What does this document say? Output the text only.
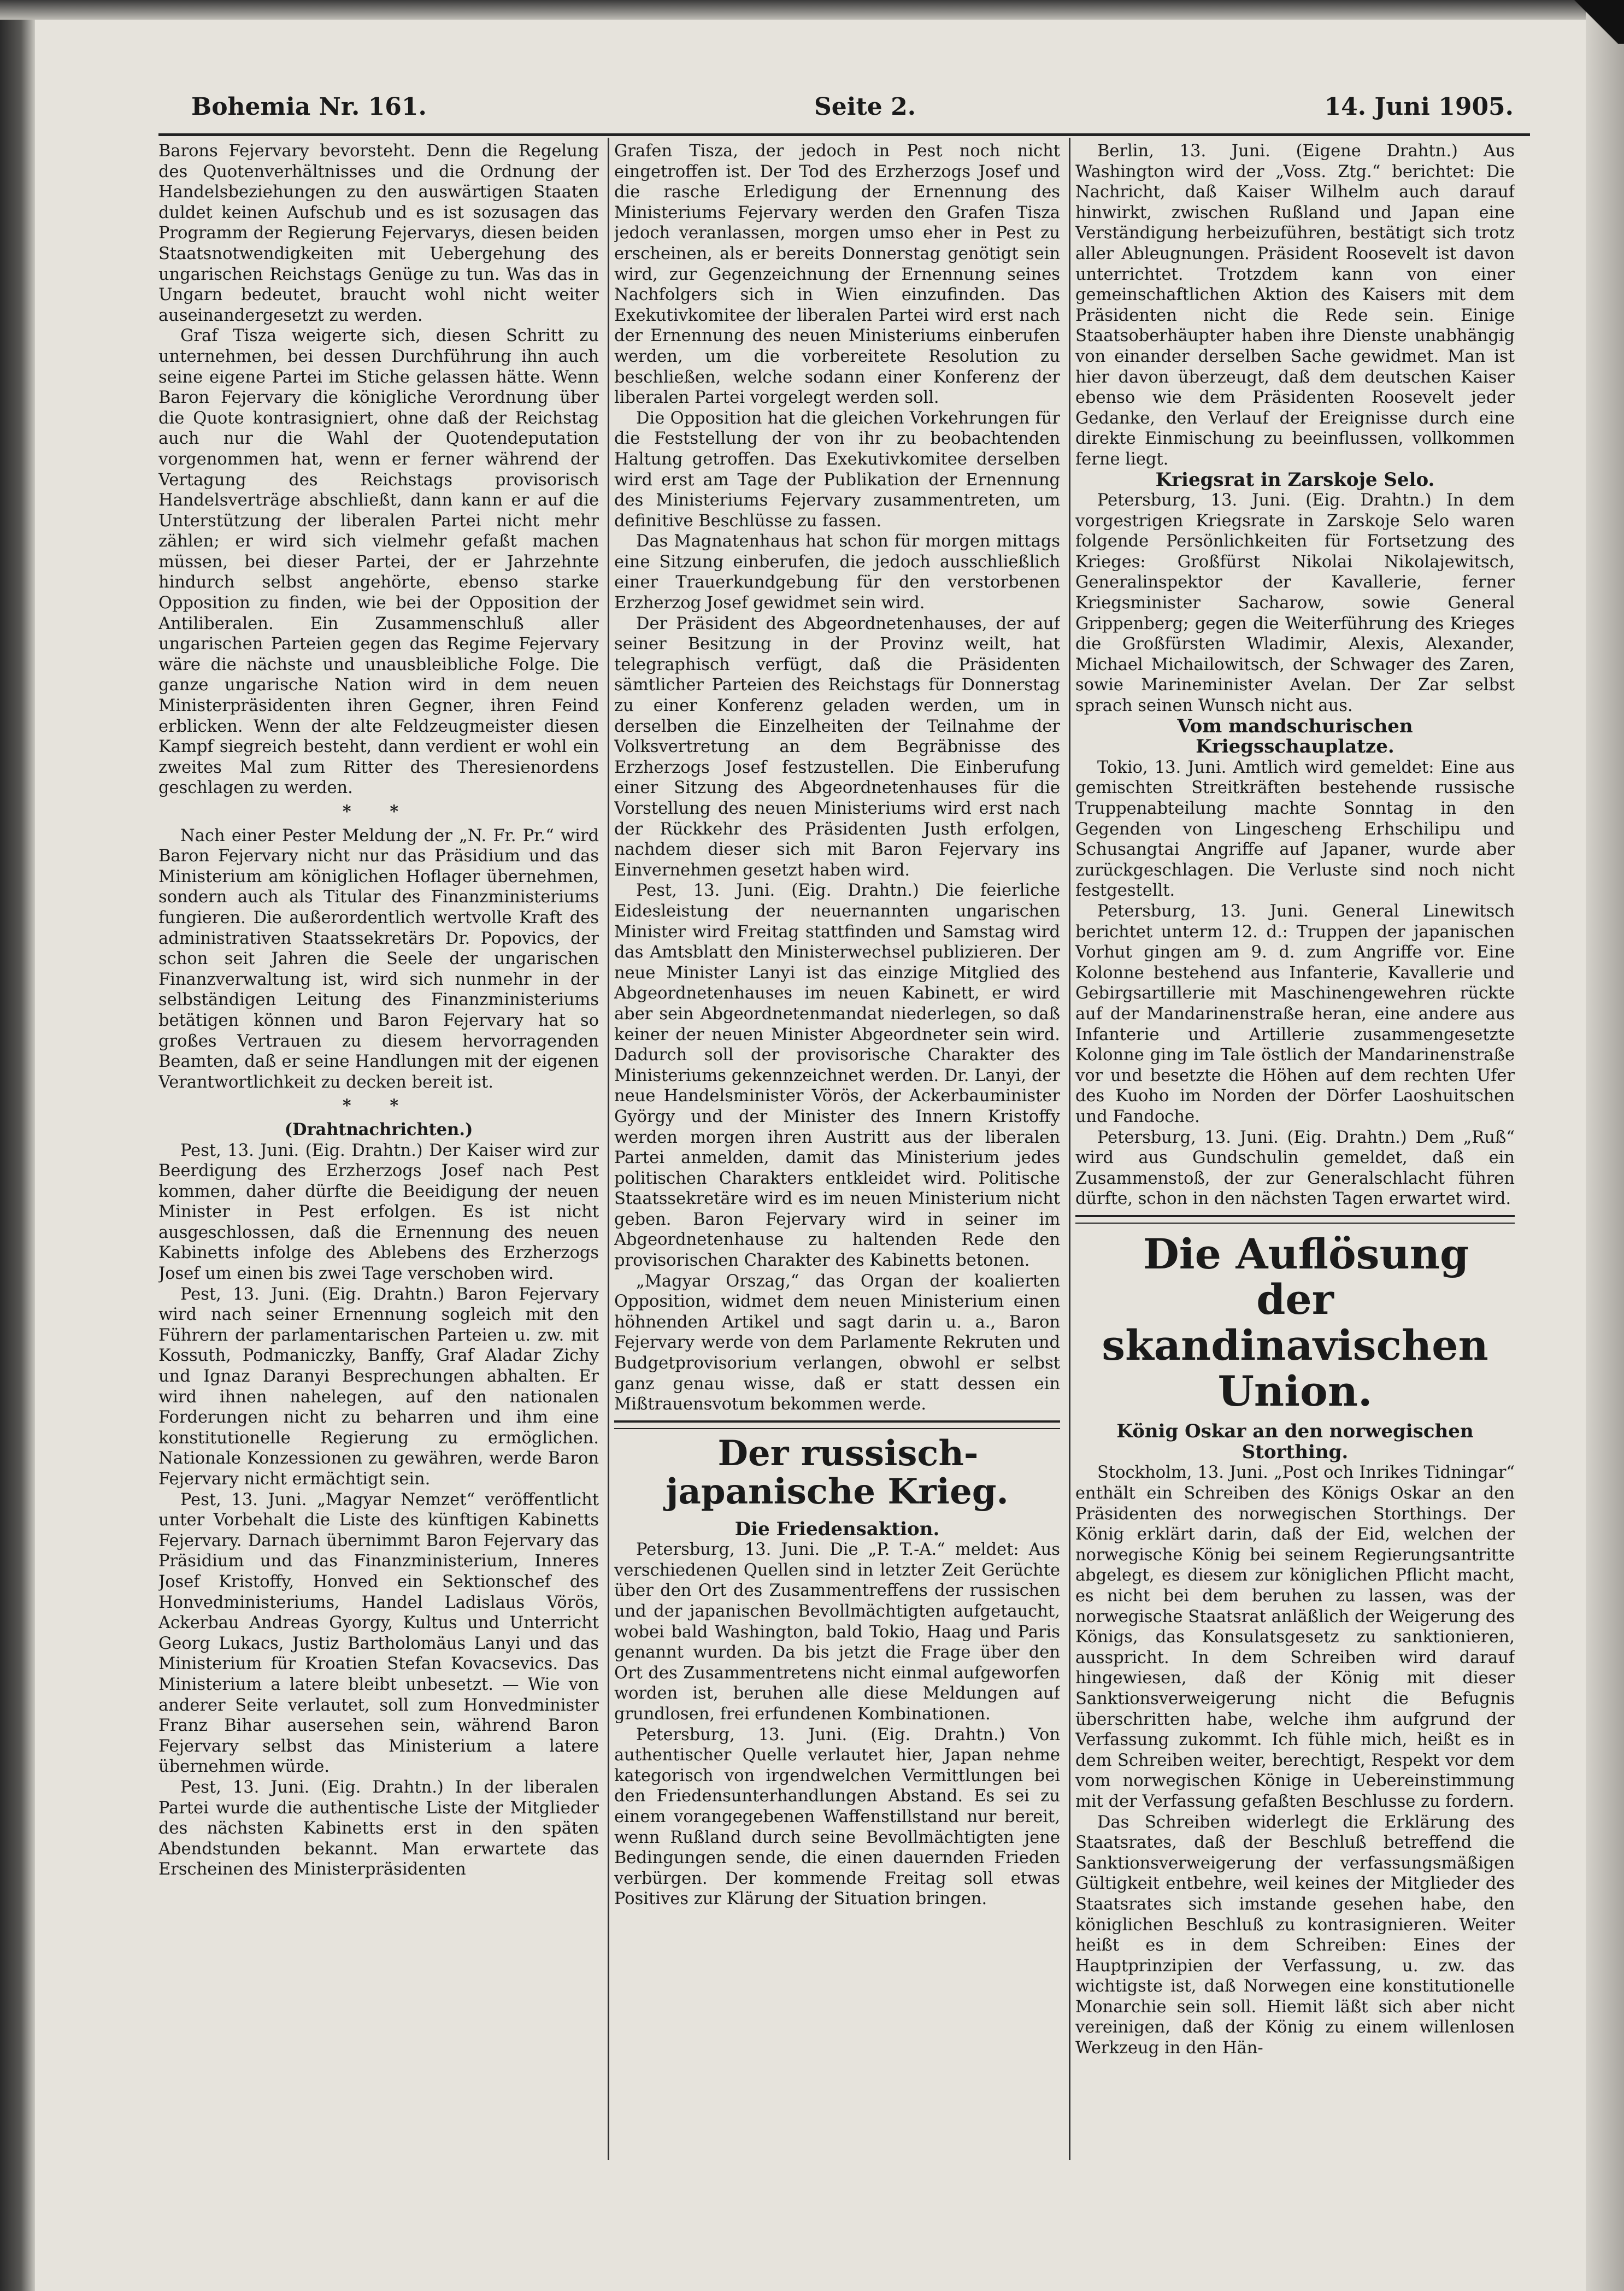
Bohemia Nr. 161.	Seite 2.	14. Juni 1905.

Barons Fejervary bevorsteht. Denn die Regelung des Quotenverhältnisses und die Ordnung der Handelsbeziehungen zu den auswärtigen Staaten duldet keinen Aufschub und es ist sozusagen das Programm der Regierung Fejervarys, diesen beiden Staatsnotwendigkeiten mit Uebergehung des ungarischen Reichstags Genüge zu tun. Was das in Ungarn bedeutet, braucht wohl nicht weiter auseinandergesetzt zu werden.

Graf Tisza weigerte sich, diesen Schritt zu unternehmen, bei dessen Durchführung ihn auch seine eigene Partei im Stiche gelassen hätte. Wenn Baron Fejervary die königliche Verordnung über die Quote kontrasigniert, ohne daß der Reichstag auch nur die Wahl der Quotendeputation vorgenommen hat, wenn er ferner während der Vertagung des Reichstags provisorisch Handelsverträge abschließt, dann kann er auf die Unterstützung der liberalen Partei nicht mehr zählen; er wird sich vielmehr gefaßt machen müssen, bei dieser Partei, der er Jahrzehnte hindurch selbst angehörte, ebenso starke Opposition zu finden, wie bei der Opposition der Antiliberalen. Ein Zusammenschluß aller ungarischen Parteien gegen das Regime Fejervary wäre die nächste und unausbleibliche Folge. Die ganze ungarische Nation wird in dem neuen Ministerpräsidenten ihren Gegner, ihren Feind erblicken. Wenn der alte Feldzeugmeister diesen Kampf siegreich besteht, dann verdient er wohl ein zweites Mal zum Ritter des Theresienordens geschlagen zu werden.

* *

Nach einer Pester Meldung der „N. Fr. Pr.“ wird Baron Fejervary nicht nur das Präsidium und das Ministerium am königlichen Hoflager übernehmen, sondern auch als Titular des Finanzministeriums fungieren. Die außerordentlich wertvolle Kraft des administrativen Staatssekretärs Dr. Popovics, der schon seit Jahren die Seele der ungarischen Finanzverwaltung ist, wird sich nunmehr in der selbständigen Leitung des Finanzministeriums betätigen können und Baron Fejervary hat so großes Vertrauen zu diesem hervorragenden Beamten, daß er seine Handlungen mit der eigenen Verantwortlichkeit zu decken bereit ist.

* *

(Drahtnachrichten.)

Pest, 13. Juni. (Eig. Drahtn.) Der Kaiser wird zur Beerdigung des Erzherzogs Josef nach Pest kommen, daher dürfte die Beeidigung der neuen Minister in Pest erfolgen. Es ist nicht ausgeschlossen, daß die Ernennung des neuen Kabinetts infolge des Ablebens des Erzherzogs Josef um einen bis zwei Tage verschoben wird.

Pest, 13. Juni. (Eig. Drahtn.) Baron Fejervary wird nach seiner Ernennung sogleich mit den Führern der parlamentarischen Parteien u. zw. mit Kossuth, Podmaniczky, Banffy, Graf Aladar Zichy und Ignaz Daranyi Besprechungen abhalten. Er wird ihnen nahelegen, auf den nationalen Forderungen nicht zu beharren und ihm eine konstitutionelle Regierung zu ermöglichen. Nationale Konzessionen zu gewähren, werde Baron Fejervary nicht ermächtigt sein.

Pest, 13. Juni. „Magyar Nemzet“ veröffentlicht unter Vorbehalt die Liste des künftigen Kabinetts Fejervary. Darnach übernimmt Baron Fejervary das Präsidium und das Finanzministerium, Inneres Josef Kristoffy, Honved ein Sektionschef des Honvedministeriums, Handel Ladislaus Vörös, Ackerbau Andreas Gyorgy, Kultus und Unterricht Georg Lukacs, Justiz Bartholomäus Lanyi und das Ministerium für Kroatien Stefan Kovacsevics. Das Ministerium a latere bleibt unbesetzt. — Wie von anderer Seite verlautet, soll zum Honvedminister Franz Bihar ausersehen sein, während Baron Fejervary selbst das Ministerium a latere übernehmen würde.

Pest, 13. Juni. (Eig. Drahtn.) In der liberalen Partei wurde die authentische Liste der Mitglieder des nächsten Kabinetts erst in den späten Abendstunden bekannt. Man erwartete das Erscheinen des Ministerpräsidenten

Grafen Tisza, der jedoch in Pest noch nicht eingetroffen ist. Der Tod des Erzherzogs Josef und die rasche Erledigung der Ernennung des Ministeriums Fejervary werden den Grafen Tisza jedoch veranlassen, morgen umso eher in Pest zu erscheinen, als er bereits Donnerstag genötigt sein wird, zur Gegenzeichnung der Ernennung seines Nachfolgers sich in Wien einzufinden. Das Exekutivkomitee der liberalen Partei wird erst nach der Ernennung des neuen Ministeriums einberufen werden, um die vorbereitete Resolution zu beschließen, welche sodann einer Konferenz der liberalen Partei vorgelegt werden soll.

Die Opposition hat die gleichen Vorkehrungen für die Feststellung der von ihr zu beobachtenden Haltung getroffen. Das Exekutivkomitee derselben wird erst am Tage der Publikation der Ernennung des Ministeriums Fejervary zusammentreten, um definitive Beschlüsse zu fassen.

Das Magnatenhaus hat schon für morgen mittags eine Sitzung einberufen, die jedoch ausschließlich einer Trauerkundgebung für den verstorbenen Erzherzog Josef gewidmet sein wird.

Der Präsident des Abgeordnetenhauses, der auf seiner Besitzung in der Provinz weilt, hat telegraphisch verfügt, daß die Präsidenten sämtlicher Parteien des Reichstags für Donnerstag zu einer Konferenz geladen werden, um in derselben die Einzelheiten der Teilnahme der Volksvertretung an dem Begräbnisse des Erzherzogs Josef festzustellen. Die Einberufung einer Sitzung des Abgeordnetenhauses für die Vorstellung des neuen Ministeriums wird erst nach der Rückkehr des Präsidenten Justh erfolgen, nachdem dieser sich mit Baron Fejervary ins Einvernehmen gesetzt haben wird.

Pest, 13. Juni. (Eig. Drahtn.) Die feierliche Eidesleistung der neuernannten ungarischen Minister wird Freitag stattfinden und Samstag wird das Amtsblatt den Ministerwechsel publizieren. Der neue Minister Lanyi ist das einzige Mitglied des Abgeordnetenhauses im neuen Kabinett, er wird aber sein Abgeordnetenmandat niederlegen, so daß keiner der neuen Minister Abgeordneter sein wird. Dadurch soll der provisorische Charakter des Ministeriums gekennzeichnet werden. Dr. Lanyi, der neue Handelsminister Vörös, der Ackerbauminister György und der Minister des Innern Kristoffy werden morgen ihren Austritt aus der liberalen Partei anmelden, damit das Ministerium jedes politischen Charakters entkleidet wird. Politische Staatssekretäre wird es im neuen Ministerium nicht geben. Baron Fejervary wird in seiner im Abgeordnetenhause zu haltenden Rede den provisorischen Charakter des Kabinetts betonen.

„Magyar Orszag,“ das Organ der koalierten Opposition, widmet dem neuen Ministerium einen höhnenden Artikel und sagt darin u. a., Baron Fejervary werde von dem Parlamente Rekruten und Budgetprovisorium verlangen, obwohl er selbst ganz genau wisse, daß er statt dessen ein Mißtrauensvotum bekommen werde.

Der russisch-japanische Krieg.

Die Friedensaktion.

Petersburg, 13. Juni. Die „P. T.-A.“ meldet: Aus verschiedenen Quellen sind in letzter Zeit Gerüchte über den Ort des Zusammentreffens der russischen und der japanischen Bevollmächtigten aufgetaucht, wobei bald Washington, bald Tokio, Haag und Paris genannt wurden. Da bis jetzt die Frage über den Ort des Zusammentretens nicht einmal aufgeworfen worden ist, beruhen alle diese Meldungen auf grundlosen, frei erfundenen Kombinationen.

Petersburg, 13. Juni. (Eig. Drahtn.) Von authentischer Quelle verlautet hier, Japan nehme kategorisch von irgendwelchen Vermittlungen bei den Friedensunterhandlungen Abstand. Es sei zu einem vorangegebenen Waffenstillstand nur bereit, wenn Rußland durch seine Bevollmächtigten jene Bedingungen sende, die einen dauernden Frieden verbürgen. Der kommende Freitag soll etwas Positives zur Klärung der Situation bringen.

Berlin, 13. Juni. (Eigene Drahtn.) Aus Washington wird der „Voss. Ztg.“ berichtet: Die Nachricht, daß Kaiser Wilhelm auch darauf hinwirkt, zwischen Rußland und Japan eine Verständigung herbeizuführen, bestätigt sich trotz aller Ableugnungen. Präsident Roosevelt ist davon unterrichtet. Trotzdem kann von einer gemeinschaftlichen Aktion des Kaisers mit dem Präsidenten nicht die Rede sein. Einige Staatsoberhäupter haben ihre Dienste unabhängig von einander derselben Sache gewidmet. Man ist hier davon überzeugt, daß dem deutschen Kaiser ebenso wie dem Präsidenten Roosevelt jeder Gedanke, den Verlauf der Ereignisse durch eine direkte Einmischung zu beeinflussen, vollkommen ferne liegt.

Kriegsrat in Zarskoje Selo.

Petersburg, 13. Juni. (Eig. Drahtn.) In dem vorgestrigen Kriegsrate in Zarskoje Selo waren folgende Persönlichkeiten für Fortsetzung des Krieges: Großfürst Nikolai Nikolajewitsch, Generalinspektor der Kavallerie, ferner Kriegsminister Sacharow, sowie General Grippenberg; gegen die Weiterführung des Krieges die Großfürsten Wladimir, Alexis, Alexander, Michael Michailowitsch, der Schwager des Zaren, sowie Marineminister Avelan. Der Zar selbst sprach seinen Wunsch nicht aus.

Vom mandschurischen Kriegsschauplatze.

Tokio, 13. Juni. Amtlich wird gemeldet: Eine aus gemischten Streitkräften bestehende russische Truppenabteilung machte Sonntag in den Gegenden von Lingescheng Erhschilipu und Schusangtai Angriffe auf Japaner, wurde aber zurückgeschlagen. Die Verluste sind noch nicht festgestellt.

Petersburg, 13. Juni. General Linewitsch berichtet unterm 12. d.: Truppen der japanischen Vorhut gingen am 9. d. zum Angriffe vor. Eine Kolonne bestehend aus Infanterie, Kavallerie und Gebirgsartillerie mit Maschinengewehren rückte auf der Mandarinenstraße heran, eine andere aus Infanterie und Artillerie zusammengesetzte Kolonne ging im Tale östlich der Mandarinenstraße vor und besetzte die Höhen auf dem rechten Ufer des Kuoho im Norden der Dörfer Laoshuitschen und Fandoche.

Petersburg, 13. Juni. (Eig. Drahtn.) Dem „Ruß“ wird aus Gundschulin gemeldet, daß ein Zusammenstoß, der zur Generalschlacht führen dürfte, schon in den nächsten Tagen erwartet wird.

Die Auflösung der skandinavischen Union.

König Oskar an den norwegischen Storthing.

Stockholm, 13. Juni. „Post och Inrikes Tidningar“ enthält ein Schreiben des Königs Oskar an den Präsidenten des norwegischen Storthings. Der König erklärt darin, daß der Eid, welchen der norwegische König bei seinem Regierungsantritte abgelegt, es diesem zur königlichen Pflicht macht, es nicht bei dem beruhen zu lassen, was der norwegische Staatsrat anläßlich der Weigerung des Königs, das Konsulatsgesetz zu sanktionieren, ausspricht. In dem Schreiben wird darauf hingewiesen, daß der König mit dieser Sanktionsverweigerung nicht die Befugnis überschritten habe, welche ihm aufgrund der Verfassung zukommt. Ich fühle mich, heißt es in dem Schreiben weiter, berechtigt, Respekt vor dem vom norwegischen Könige in Uebereinstimmung mit der Verfassung gefaßten Beschlusse zu fordern.

Das Schreiben widerlegt die Erklärung des Staatsrates, daß der Beschluß betreffend die Sanktionsverweigerung der verfassungsmäßigen Gültigkeit entbehre, weil keines der Mitglieder des Staatsrates sich imstande gesehen habe, den königlichen Beschluß zu kontrasignieren. Weiter heißt es in dem Schreiben: Eines der Hauptprinzipien der Verfassung, u. zw. das wichtigste ist, daß Norwegen eine konstitutionelle Monarchie sein soll. Hiemit läßt sich aber nicht vereinigen, daß der König zu einem willenlosen Werkzeug in den Hän-
